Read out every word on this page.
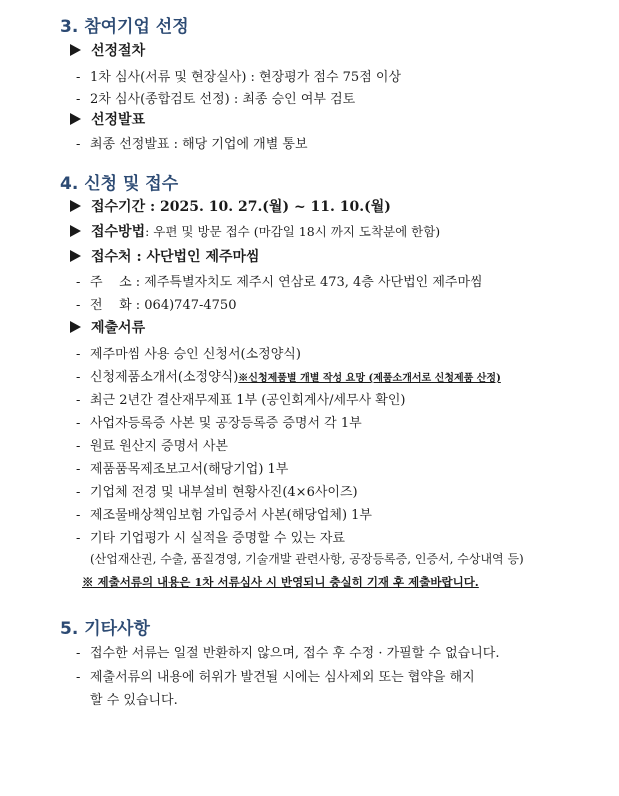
3. 참여기업 선정
선정절차
- 1차 심사(서류 및 현장실사) : 현장평가 점수 75점 이상
- 2차 심사(종합검토 선정) : 최종 승인 여부 검토
선정발표
- 최종 선정발표 : 해당 기업에 개별 통보
4. 신청 및 접수
접수기간 : 2025. 10. 27.(월) ~ 11. 10.(월)
접수방법 : 우편 및 방문 접수 (마감일 18시 까지 도착분에 한함)
접수처 : 사단법인 제주마씸
- 주    소 : 제주특별자치도 제주시 연삼로 473, 4층 사단법인 제주마씸
- 전    화 : 064)747-4750
제출서류
- 제주마씸 사용 승인 신청서(소정양식)
- 신청제품소개서(소정양식)※신청제품별 개별 작성 요망 (제품소개서로 신청제품 산정)
- 최근 2년간 결산재무제표 1부 (공인회계사/세무사 확인)
- 사업자등록증 사본 및 공장등록증 증명서 각 1부
- 원료 원산지 증명서 사본
- 제품품목제조보고서(해당기업) 1부
- 기업체 전경 및 내부설비 현황사진(4×6사이즈)
- 제조물배상책임보험 가입증서 사본(해당업체) 1부
- 기타 기업평가 시 실적을 증명할 수 있는 자료
(산업재산권, 수출, 품질경영, 기술개발 관련사항, 공장등록증, 인증서, 수상내역 등)
※ 제출서류의 내용은 1차 서류심사 시 반영되니 충실히 기재 후 제출바랍니다.
5. 기타사항
- 접수한 서류는 일절 반환하지 않으며, 접수 후 수정 · 가필할 수 없습니다.
- 제출서류의 내용에 허위가 발견될 시에는 심사제외 또는 협약을 해지
할 수 있습니다.
